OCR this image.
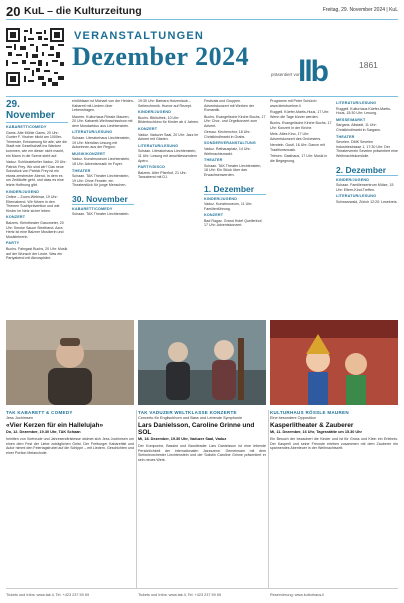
20 KuL – die Kulturzeitung	Freitag, 29. November 2024 | KuL
VERANSTALTUNGEN
Dezember 2024
präsentiert von
llb	1861
29. November
KABARETT/COMEDY

Gams. Alte Mühle Gams, 20 Uhr: Gunter F. Vischer blickt am 1000er-Trimester, Entwarnung für alle, wie die Stadt wie Gesellschaft ins Wanken kommen, wie ein dieser nicht macht, ein Mann in die Szene steht auf.

Vaduz. Schlösslekeller Vaduz, 20 Uhr: Patrick Frey. Wo sind wir? Das neue Solostück von Patrick Frey ist ein etwas zerstreuter Abend. In dem es um Zeitläufte geht, und dass es eine letzte Hoffnung gibt.

KINDER/JUGEND

Online – Zoom-Webinar, 19 Uhr: Elternabend. Wir führen in den Themen Suchtprävention und wie Kinder im Netz sicher leben.

KONZERT

Balzers. Kleintheater Gasometer, 20 Uhr: Smoke Sauce Steelband. Azra Hertz ist eine Balzner Musikerin und Musiklehrerin.

PARTY

Buchs. Fahrgast Buchs, 20 Uhr: Musik auf der Wunsch der Leute. Was ein Partyabend mit Atmosphäre.

einfühlsam ist Michael von der Heiden-Kabarett mit Liedern über Lebensfragen.

Mauren. Kulturhaus Rössle Mauren, 20 Uhr: Kabarett-Weihnachtsshow mit dem Mundartduo aus Liechtenstein.

LITERATUR/LESUNG

Schaan. Literaturhaus Liechtenstein, 19 Uhr: Meridian Lesung mit Autorinnen aus der Region.

MUSIK/KONZERT

Vaduz. Kunstmuseum Liechtenstein, 18 Uhr: Adventsmusik im Foyer.

THEATER

Schaan. TAK Theater Liechtenstein, 19 Uhr: Ohne Fenster, ein Theaterstück für junge Menschen.

30. November
KABARETT/COMEDY

Schaan. TAK Theater Liechtenstein.

19:30 Uhr: Barbara Hutzenlaub – Seitenchronik. Humor auf Rezept.

KINDER/JUGEND

Buchs. Bibliothek, 10 Uhr: Bilderbuchkino für Kinder ab 4 Jahren.

KONZERT

Vaduz. Vaduzer Saal, 20 Uhr: Jazz im Advent mit Gästen.

LITERATUR/LESUNG

Schaan. Literaturhaus Liechtenstein, 11 Uhr: Lesung mit anschliessendem Apéro.

PARTY/DISCO

Balzers. Alter Pfarrhof, 21 Uhr: Tanzabend mit DJ.

Festivals und Gruppen. Adventskonzert mit Werken der Romantik.

Buchs. Evangelische Kirche Buchs, 17 Uhr: Chor- und Orgelkonzert zum Advent.

Gersau. Kirchenchor, 18 Uhr: Christkindlmarkt in Grabs.

SONDERVERANSTALTUNG

Vaduz. Rathausplatz, 14 Uhr: Weihnachtsmarkt.

THEATER

Schaan. TAK Theater Liechtenstein, 18 Uhr: Ein Stück über das Erwachsenwerden.

1. Dezember
KINDER/JUGEND

Vaduz. Kunstmuseum, 11 Uhr: Familienführung.

KONZERT

Bad Ragaz. Grand Hotel Quellenhof, 17 Uhr: Adventskonzert.

Programm mit Peter Schürch: www.kleinbuehne.li

Ruggell. Küefer-Martis-Huus, 17 Uhr: Wenn die Tage kürzer werden.

Buchs. Evangelische Kirche Buchs, 17 Uhr: Konzert in der Kirche.

Mels. Altes Kino, 17 Uhr: Adventskonzert des Orchesters.

Nendeln. Gusti, 16 Uhr: Dance mit Traditionsmusik.

Triesen. Gasthaus, 17 Uhr: Musik in die Begegnung.

LITERATUR/LESUNG

Ruggell. Kulturhaus Küefer-Martis-Huus, 15:30 Uhr: Lesung.

MESSE/MARKT

Sargans. Altstadt, 11 Uhr: Christkindlmarkt in Sargans.

THEATER

Sevelen. DMK Sevelen Industriestrasse 1, 17:30 Uhr: Der Theaterverein Sevelen präsentiert eine Weihnachtskomödie.

2. Dezember
KINDER/JUGEND

Schaan. Familienzentrum Mütze, 15 Uhr: Eltern-Kind-Treffen.

LITERATUR/LESUNG

Schwarzwald, Zürich 12:20: Lesekreis.

TAK KABARETT & COMEDY
Jess Jochimsen
«Vier Kerzen für ein Hallelujah»
Do, 12. Dezember, 19.30 Uhr, TAK Schaan

Inmitten von Vorfreude und Jahresendtristesse widmet sich Jess Jochimsen um einen dem Fest der Liebe zuträglichen Geist. Der Freiburger Kabarettist und Autor nimmt den Feiertagstrubel auf die Schippe – mit Liedern, Geschichten und einer Portion Melancholie.

TAK VADUZER WELTKLASSE KONZERTE
Concerto für Englischhorn und Bass und Lebende Symphonie
Lars Danielsson, Caroline Grinne und SOL
Mi, 18. Dezember, 19.30 Uhr, Vaduzer Saal, Vaduz

Der Komponist, Bassist und Bandleader Lars Danielsson ist eine lebende Persönlichkeit der internationalen Jazzszene. Gemeinsam mit dem Sinfonieorchester Liechtenstein und der Solistin Caroline Grinne präsentiert er sein neues Werk.

KULTURHAUS RÖSSLE MAUREN
Eine besondere Opposition
Kasperlitheater & Zauberer
Mi, 11. Dezember, 16 Uhr, Tagesstätte um 15.30 Uhr

Ein Besuch der bezaubert die Kinder und ist für Gross und Klein ein Erlebnis. Der Kasperli und seine Freunde erleben zusammen mit dem Zauberer ein spannendes Abenteuer in der Weihnachtszeit.

Tickets und Infos: www.tak.li, Tel. +423 237 59 69	Tickets und Infos: www.tak.li, Tel. +423 237 59 69	Reservierung: www.kulturhaus.li
